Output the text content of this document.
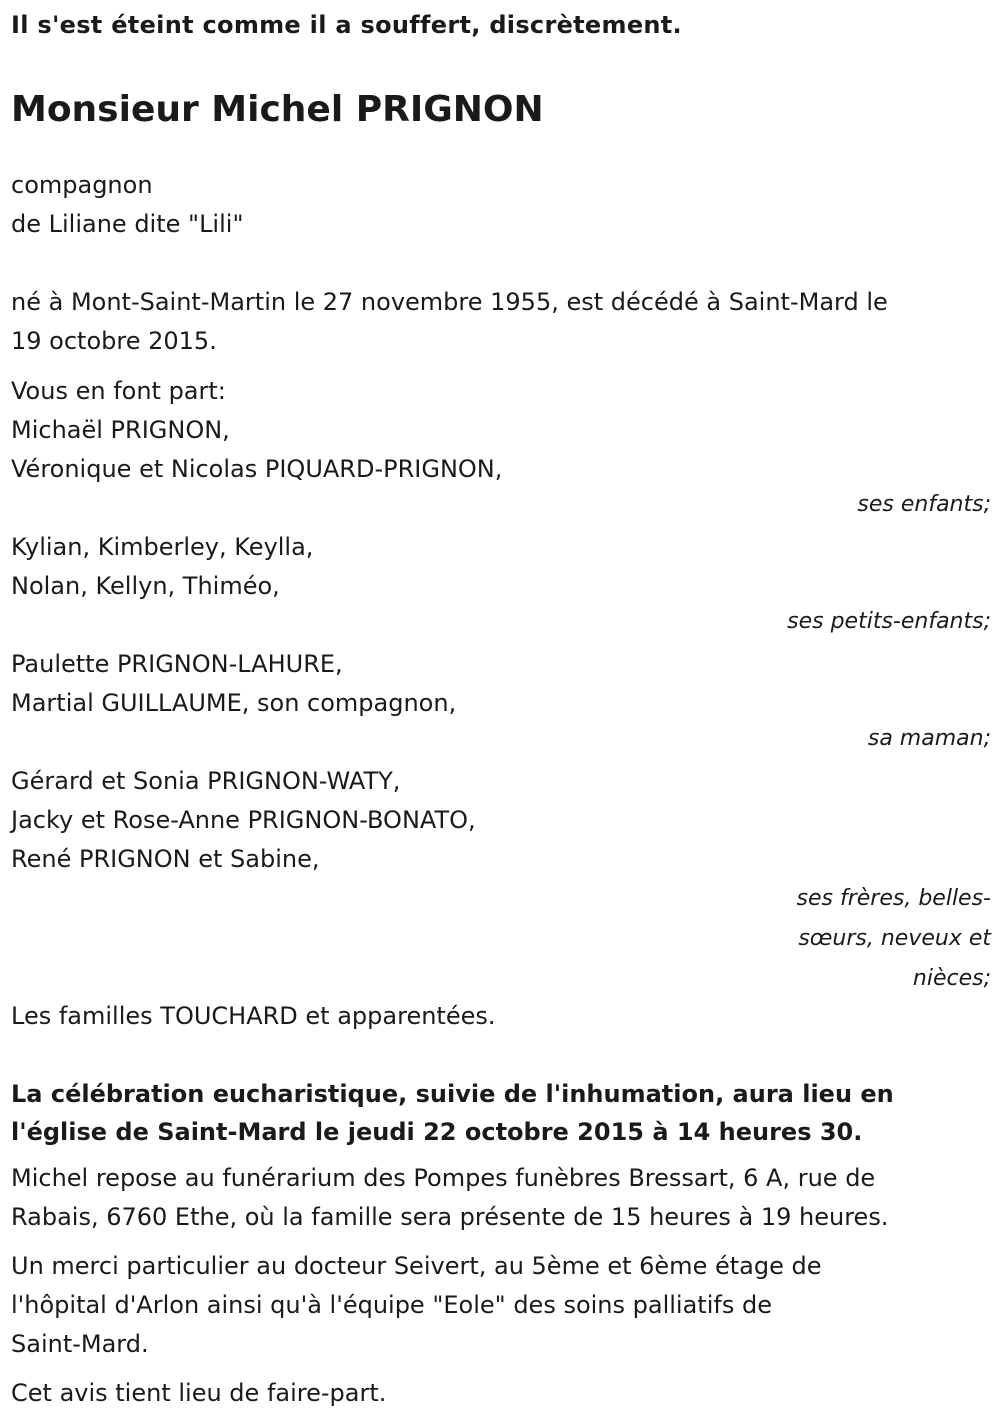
Il s'est éteint comme il a souffert, discrètement.

Monsieur Michel PRIGNON

compagnon

de Liliane dite "Lili"

né à Mont-Saint-Martin le 27 novembre 1955, est décédé à Saint-Mard le

19 octobre 2015.

Vous en font part:

Michaël PRIGNON,

Véronique et Nicolas PIQUARD-PRIGNON,

ses enfants;

Kylian, Kimberley, Keylla,

Nolan, Kellyn, Thiméo,

ses petits-enfants;

Paulette PRIGNON-LAHURE,

Martial GUILLAUME, son compagnon,

sa maman;

Gérard et Sonia PRIGNON-WATY,

Jacky et Rose-Anne PRIGNON-BONATO,

René PRIGNON et Sabine,

ses frères, belles-

sœurs, neveux et

nièces;

Les familles TOUCHARD et apparentées.

La célébration eucharistique, suivie de l'inhumation, aura lieu en

l'église de Saint-Mard le jeudi 22 octobre 2015 à 14 heures 30.

Michel repose au funérarium des Pompes funèbres Bressart, 6 A, rue de

Rabais, 6760 Ethe, où la famille sera présente de 15 heures à 19 heures.

Un merci particulier au docteur Seivert, au 5ème et 6ème étage de

l'hôpital d'Arlon ainsi qu'à l'équipe "Eole" des soins palliatifs de

Saint-Mard.

Cet avis tient lieu de faire-part.
